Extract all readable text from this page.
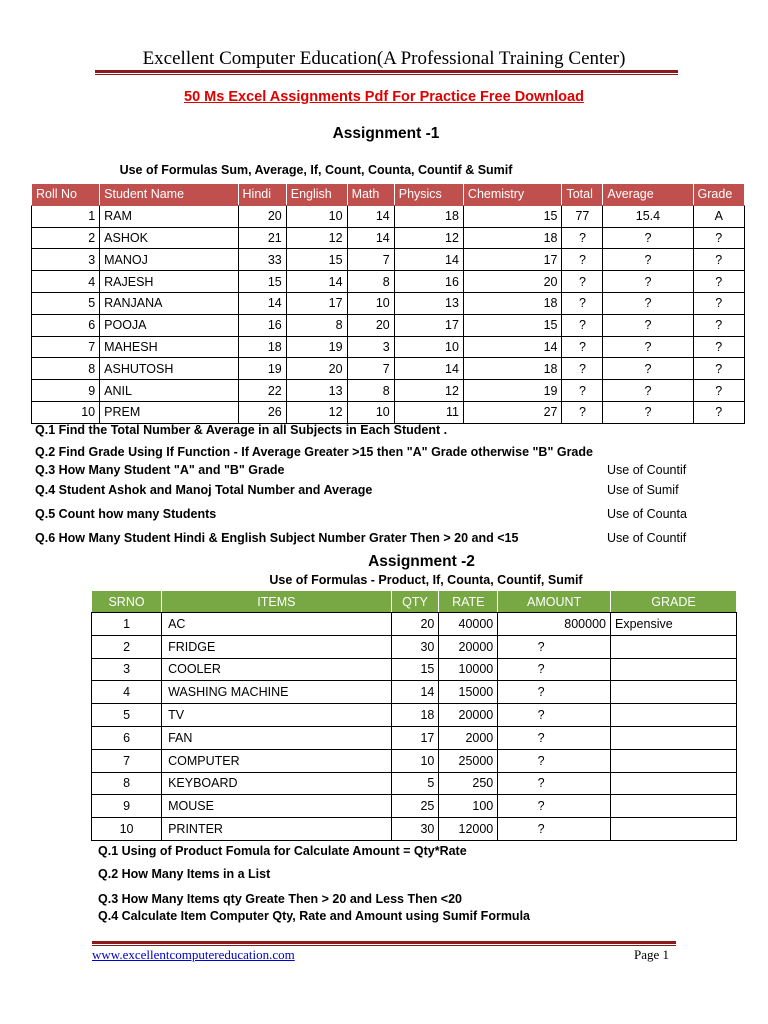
Excellent Computer Education(A Professional Training Center)
50 Ms Excel Assignments Pdf For Practice Free Download
Assignment -1
Use of Formulas Sum, Average, If, Count, Counta, Countif & Sumif
Roll No	Student Name	Hindi	English	Math	Physics	Chemistry	Total	Average	Grade
1	RAM	20	10	14	18	15	77	15.4	A
2	ASHOK	21	12	14	12	18	?	?	?
3	MANOJ	33	15	7	14	17	?	?	?
4	RAJESH	15	14	8	16	20	?	?	?
5	RANJANA	14	17	10	13	18	?	?	?
6	POOJA	16	8	20	17	15	?	?	?
7	MAHESH	18	19	3	10	14	?	?	?
8	ASHUTOSH	19	20	7	14	18	?	?	?
9	ANIL	22	13	8	12	19	?	?	?
10	PREM	26	12	10	11	27	?	?	?
Q.1 Find the Total Number & Average in all Subjects in Each Student .
Q.2 Find Grade Using If Function - If Average Greater >15 then "A" Grade otherwise "B" Grade
Q.3 How Many Student "A" and "B" Grade	Use of Countif
Q.4 Student Ashok and Manoj Total Number and Average	Use of Sumif
Q.5 Count how many Students	Use of Counta
Q.6 How Many Student Hindi & English Subject Number Grater Then > 20 and <15	Use of Countif
Assignment -2
Use of Formulas - Product, If, Counta, Countif, Sumif
SRNO	ITEMS	QTY	RATE	AMOUNT	GRADE
1	AC	20	40000	800000	Expensive
2	FRIDGE	30	20000	?	
3	COOLER	15	10000	?	
4	WASHING MACHINE	14	15000	?	
5	TV	18	20000	?	
6	FAN	17	2000	?	
7	COMPUTER	10	25000	?	
8	KEYBOARD	5	250	?	
9	MOUSE	25	100	?	
10	PRINTER	30	12000	?	
Q.1 Using of Product Fomula for Calculate Amount = Qty*Rate
Q.2 How Many Items in a List
Q.3 How Many Items qty Greate Then > 20 and Less Then <20
Q.4 Calculate Item Computer Qty, Rate and Amount using Sumif Formula
www.excellentcomputereducation.com	Page 1
